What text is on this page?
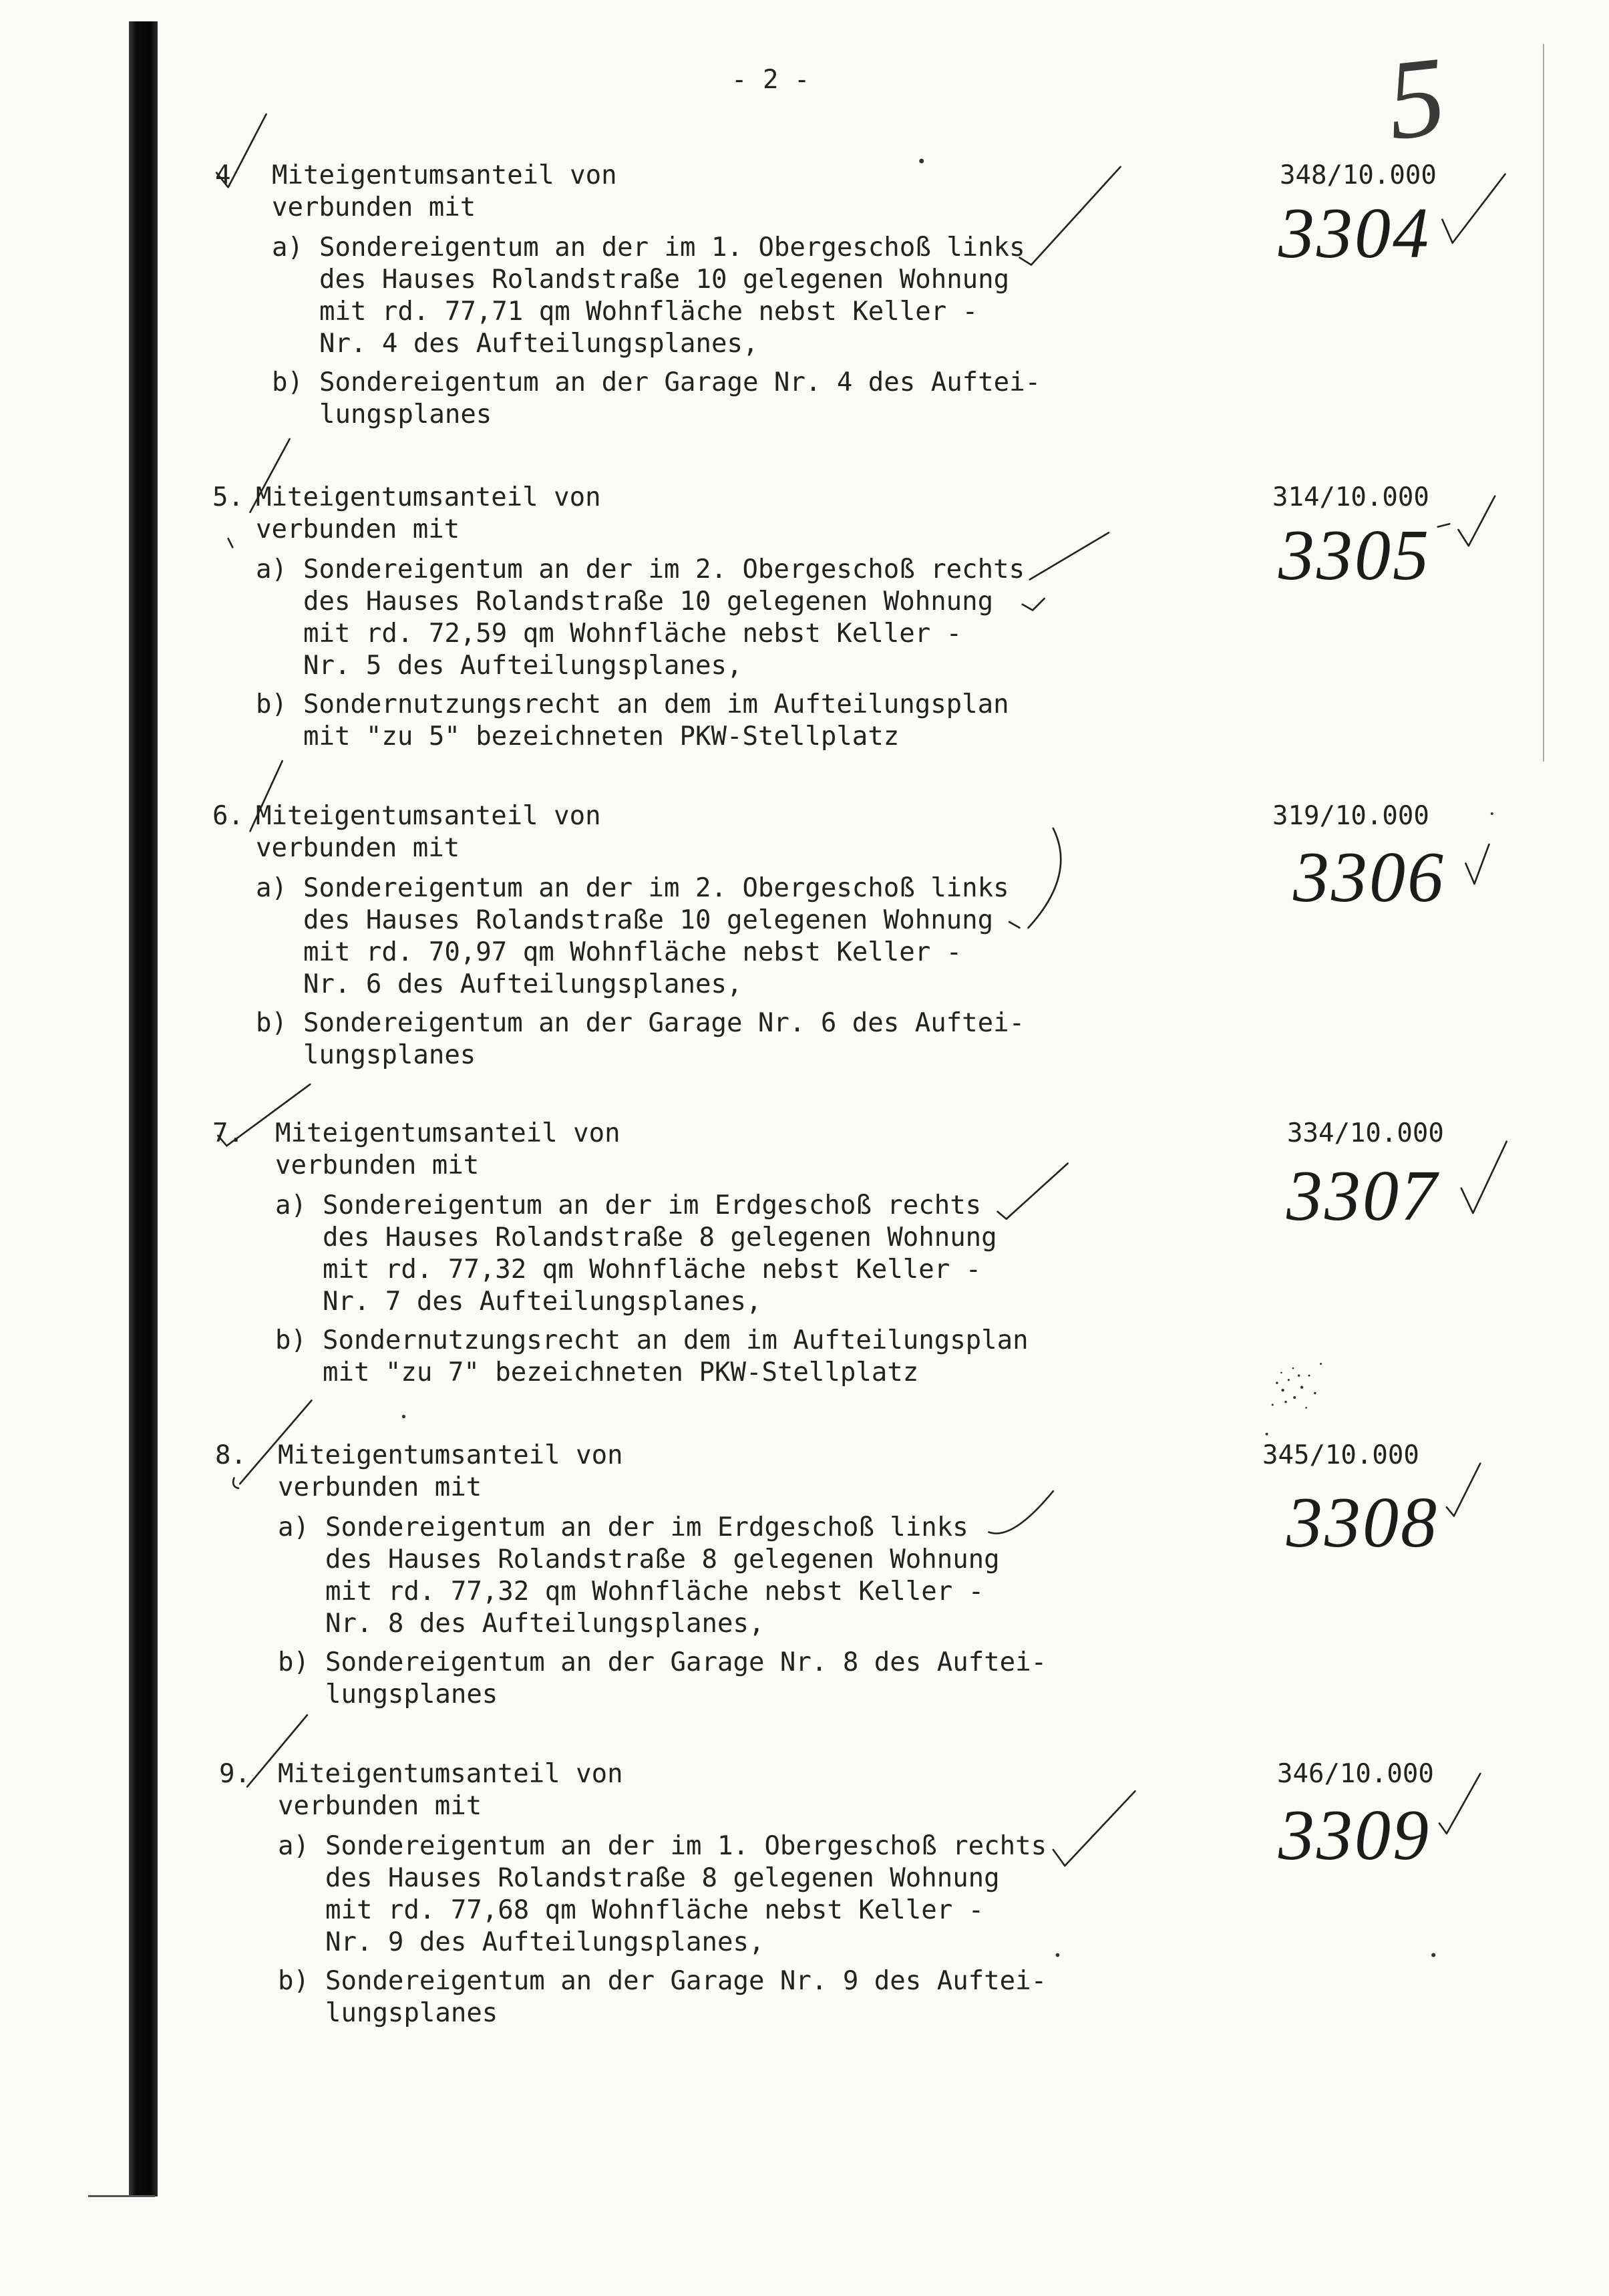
- 2 -	5
4 Miteigentumsanteil von
verbunden mit
a) Sondereigentum an der im 1. Obergeschoß links
des Hauses Rolandstraße 10 gelegenen Wohnung
mit rd. 77,71 qm Wohnfläche nebst Keller -
Nr. 4 des Aufteilungsplanes,
b) Sondereigentum an der Garage Nr. 4 des Auftei-
lungsplanes
348/10.000
3304
5. Miteigentumsanteil von
verbunden mit
a) Sondereigentum an der im 2. Obergeschoß rechts
des Hauses Rolandstraße 10 gelegenen Wohnung
mit rd. 72,59 qm Wohnfläche nebst Keller -
Nr. 5 des Aufteilungsplanes,
b) Sondernutzungsrecht an dem im Aufteilungsplan
mit "zu 5" bezeichneten PKW-Stellplatz
314/10.000
3305
6. Miteigentumsanteil von
verbunden mit
a) Sondereigentum an der im 2. Obergeschoß links
des Hauses Rolandstraße 10 gelegenen Wohnung
mit rd. 70,97 qm Wohnfläche nebst Keller -
Nr. 6 des Aufteilungsplanes,
b) Sondereigentum an der Garage Nr. 6 des Auftei-
lungsplanes
319/10.000
3306
7. Miteigentumsanteil von
verbunden mit
a) Sondereigentum an der im Erdgeschoß rechts
des Hauses Rolandstraße 8 gelegenen Wohnung
mit rd. 77,32 qm Wohnfläche nebst Keller -
Nr. 7 des Aufteilungsplanes,
b) Sondernutzungsrecht an dem im Aufteilungsplan
mit "zu 7" bezeichneten PKW-Stellplatz
334/10.000
3307
8. Miteigentumsanteil von
verbunden mit
a) Sondereigentum an der im Erdgeschoß links
des Hauses Rolandstraße 8 gelegenen Wohnung
mit rd. 77,32 qm Wohnfläche nebst Keller -
Nr. 8 des Aufteilungsplanes,
b) Sondereigentum an der Garage Nr. 8 des Auftei-
lungsplanes
345/10.000
3308
9. Miteigentumsanteil von
verbunden mit
a) Sondereigentum an der im 1. Obergeschoß rechts
des Hauses Rolandstraße 8 gelegenen Wohnung
mit rd. 77,68 qm Wohnfläche nebst Keller -
Nr. 9 des Aufteilungsplanes,
b) Sondereigentum an der Garage Nr. 9 des Auftei-
lungsplanes
346/10.000
3309
